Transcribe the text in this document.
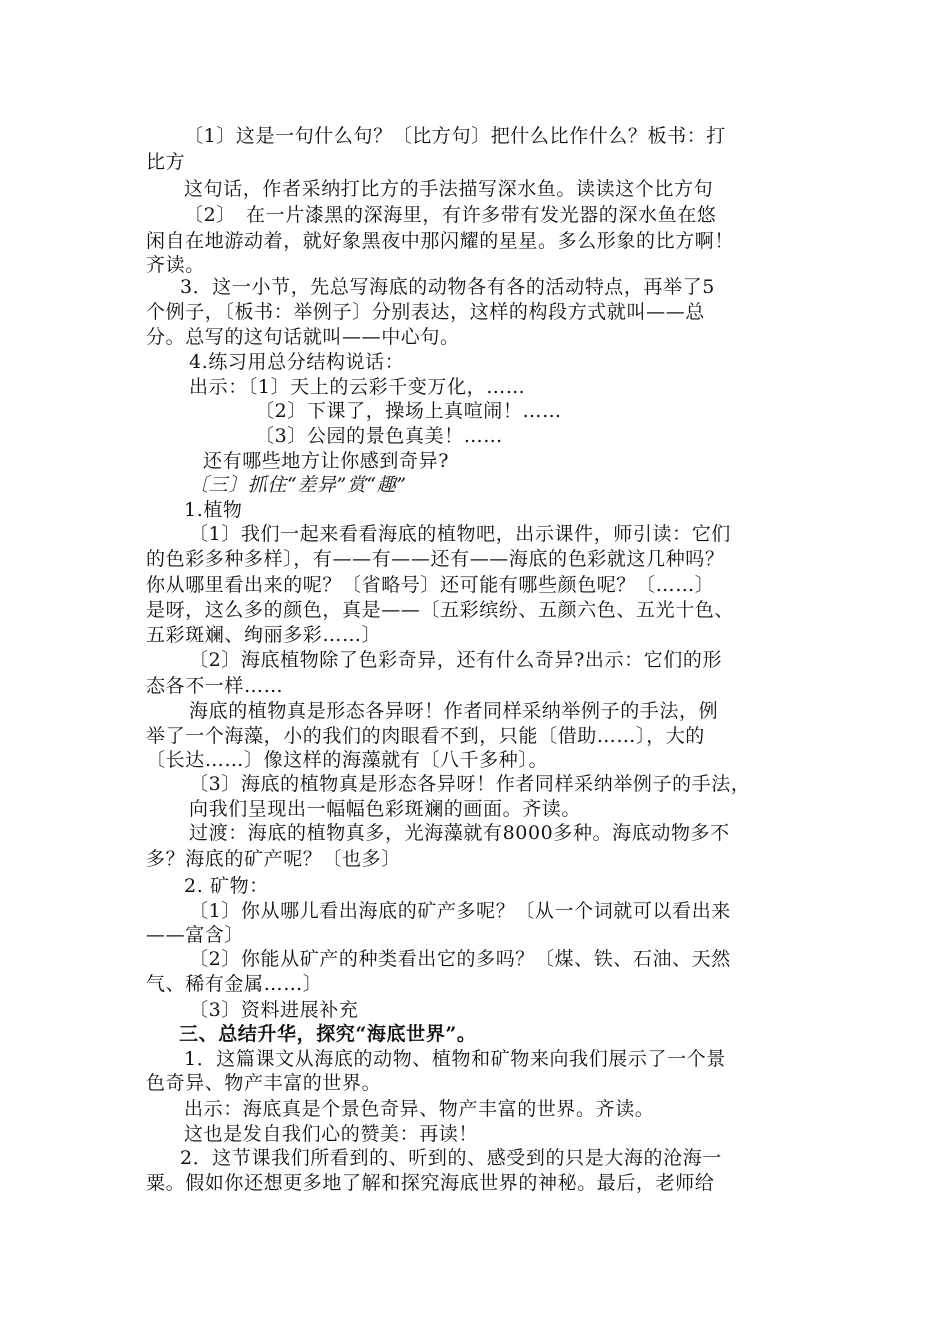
〔1〕这是一句什么句？〔比方句〕把什么比作什么？板书：打
比方
这句话，作者采纳打比方的手法描写深水鱼。读读这个比方句
〔2〕　在一片漆黑的深海里，有许多带有发光器的深水鱼在悠
闲自在地游动着，就好象黑夜中那闪耀的星星。多么形象的比方啊！
齐读。
3．这一小节，先总写海底的动物各有各的活动特点，再举了5
个例子，〔板书：举例子〕分别表达，这样的构段方式就叫——总
分。总写的这句话就叫——中心句。
4.练习用总分结构说话：
出示：〔1〕天上的云彩千变万化，……
〔2〕下课了，操场上真喧闹！……
〔3〕公园的景色真美！……
还有哪些地方让你感到奇异?
〔三〕抓住“差异”赏“趣”
1.植物
〔1〕我们一起来看看海底的植物吧，出示课件，师引读：它们
的色彩多种多样〕，有——有——还有——海底的色彩就这几种吗？
你从哪里看出来的呢？〔省略号〕还可能有哪些颜色呢？〔……〕
是呀，这么多的颜色，真是——〔五彩缤纷、五颜六色、五光十色、
五彩斑斓、绚丽多彩……〕
〔2〕海底植物除了色彩奇异，还有什么奇异?出示：它们的形
态各不一样……
海底的植物真是形态各异呀！作者同样采纳举例子的手法，例
举了一个海藻，小的我们的肉眼看不到，只能〔借助……〕，大的
〔长达……〕像这样的海藻就有〔八千多种〕。
〔3〕海底的植物真是形态各异呀！作者同样采纳举例子的手法，
向我们呈现出一幅幅色彩斑斓的画面。齐读。
过渡：海底的植物真多，光海藻就有8000多种。海底动物多不
多？海底的矿产呢？〔也多〕
2. 矿物：
〔1〕你从哪儿看出海底的矿产多呢？〔从一个词就可以看出来
——富含〕
〔2〕你能从矿产的种类看出它的多吗？〔煤、铁、石油、天然
气、稀有金属……〕
〔3〕资料进展补充
三、总结升华，探究“海底世界”。
1．这篇课文从海底的动物、植物和矿物来向我们展示了一个景
色奇异、物产丰富的世界。
出示：海底真是个景色奇异、物产丰富的世界。齐读。
这也是发自我们心的赞美：再读！
2．这节课我们所看到的、听到的、感受到的只是大海的沧海一
粟。假如你还想更多地了解和探究海底世界的神秘。最后，老师给
